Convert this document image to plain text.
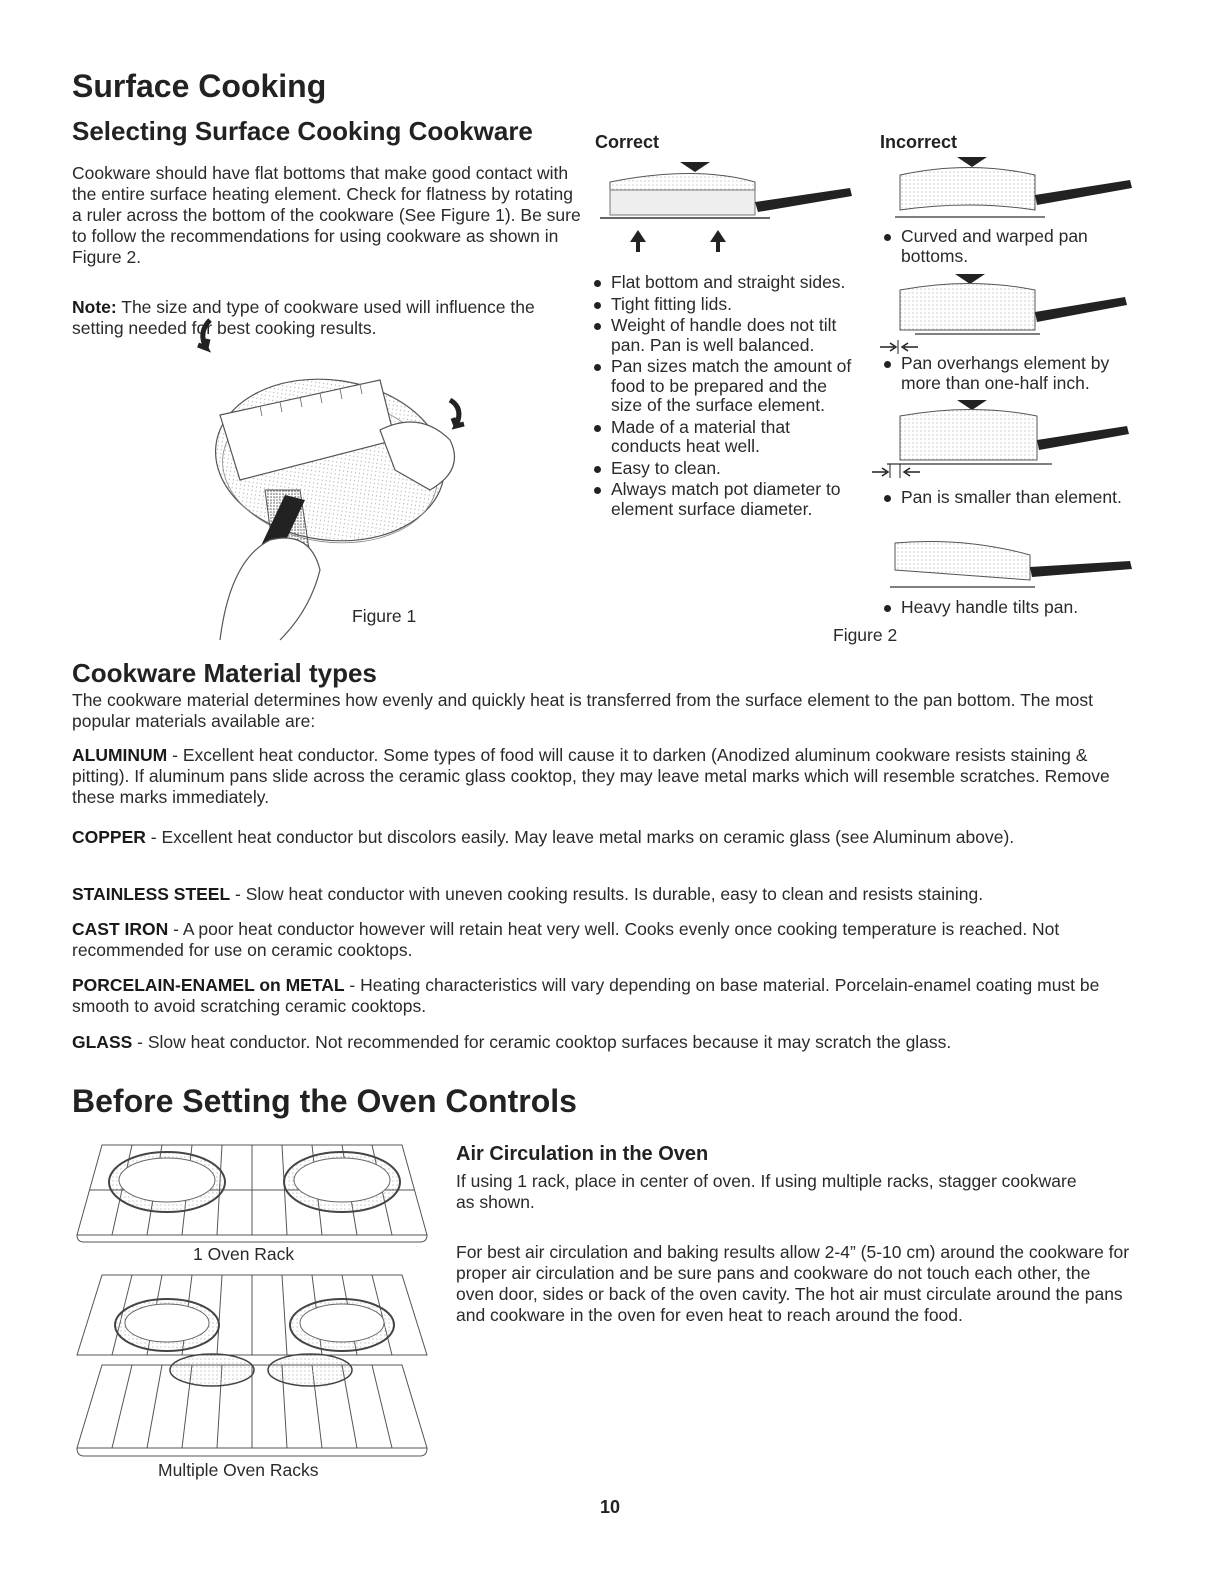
Surface Cooking
Selecting Surface Cooking Cookware

Cookware should have flat bottoms that make good contact with the entire surface heating element. Check for flatness by rotating a ruler across the bottom of the cookware (See Figure 1). Be sure to follow the recommendations for using cookware as shown in Figure 2.

Note: The size and type of cookware used will influence the setting needed for best cooking results.

Figure 1
Correct	Incorrect
Flat bottom and straight sides.
Tight fitting lids.
Weight of handle does not tilt pan. Pan is well balanced.
Pan sizes match the amount of food to be prepared and the size of the surface element.
Made of a material that conducts heat well.
Easy to clean.
Always match pot diameter to element surface diameter.
Curved and warped pan bottoms.
Pan overhangs element by more than one-half inch.
Pan is smaller than element.
Heavy handle tilts pan.
Figure 2
Cookware Material types

The cookware material determines how evenly and quickly heat is transferred from the surface element to the pan bottom. The most popular materials available are:

ALUMINUM - Excellent heat conductor. Some types of food will cause it to darken (Anodized aluminum cookware resists staining & pitting). If aluminum pans slide across the ceramic glass cooktop, they may leave metal marks which will resemble scratches. Remove these marks immediately.

COPPER - Excellent heat conductor but discolors easily. May leave metal marks on ceramic glass (see Aluminum above).

STAINLESS STEEL - Slow heat conductor with uneven cooking results. Is durable, easy to clean and resists staining.

CAST IRON - A poor heat conductor however will retain heat very well. Cooks evenly once cooking temperature is reached. Not recommended for use on ceramic cooktops.

PORCELAIN-ENAMEL on METAL - Heating characteristics will vary depending on base material. Porcelain-enamel coating must be smooth to avoid scratching ceramic cooktops.

GLASS - Slow heat conductor. Not recommended for ceramic cooktop surfaces because it may scratch the glass.

Before Setting the Oven Controls
1 Oven Rack
Multiple Oven Racks
Air Circulation in the Oven

If using 1 rack, place in center of oven. If using multiple racks, stagger cookware as shown.

For best air circulation and baking results allow 2-4” (5-10 cm) around the cookware for proper air circulation and be sure pans and cookware do not touch each other, the oven door, sides or back of the oven cavity. The hot air must circulate around the pans and cookware in the oven for even heat to reach around the food.

10
